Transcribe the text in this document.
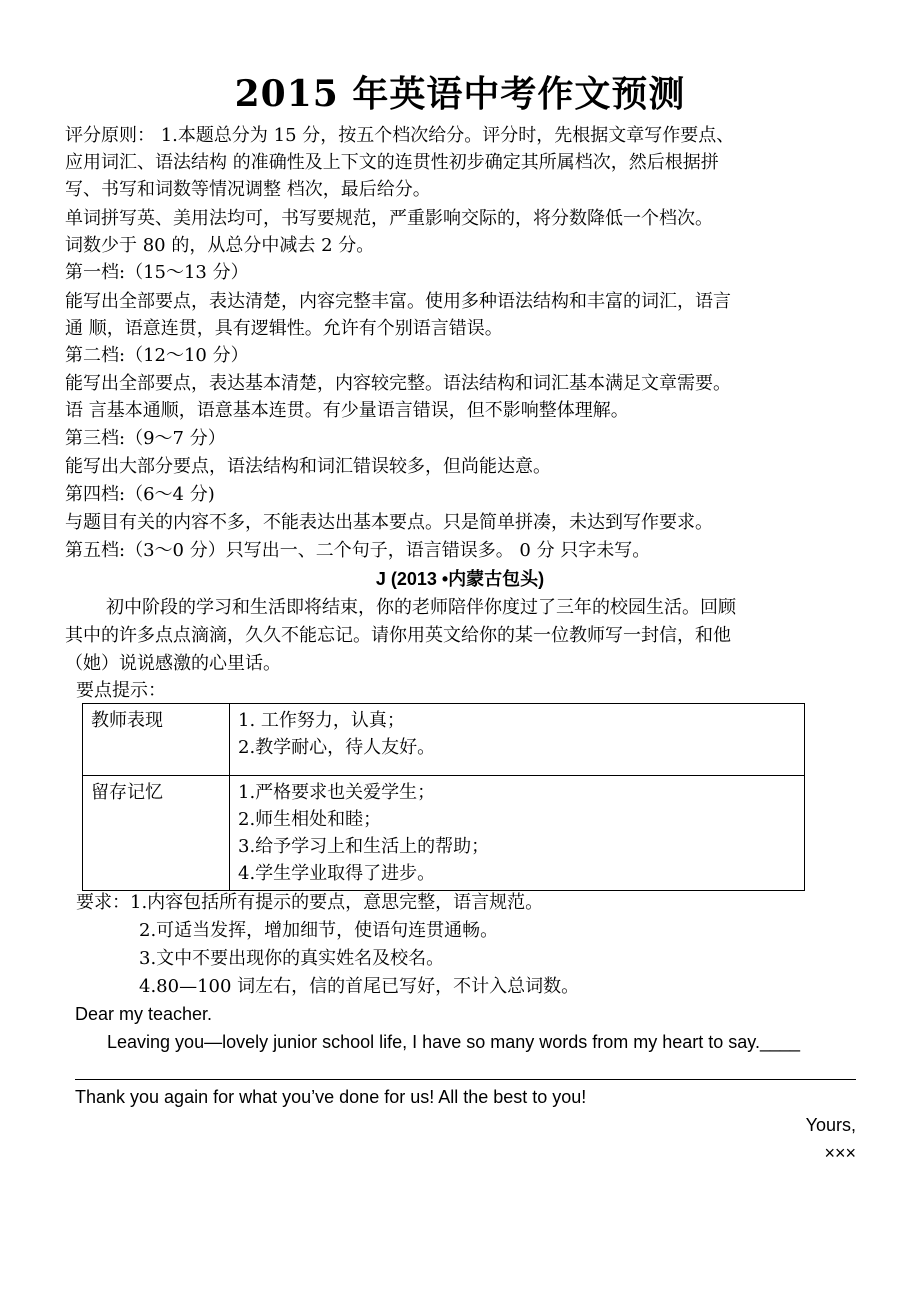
2015 年英语中考作文预测
评分原则： 1.本题总分为 15 分，按五个档次给分。评分时，先根据文章写作要点、
应用词汇、语法结构 的准确性及上下文的连贯性初步确定其所属档次，然后根据拼
写、书写和词数等情况调整 档次，最后给分。
单词拼写英、美用法均可，书写要规范，严重影响交际的，将分数降低一个档次。
词数少于 80 的，从总分中减去 2 分。
第一档:（15～13 分）
能写出全部要点，表达清楚，内容完整丰富。使用多种语法结构和丰富的词汇，语言
通 顺，语意连贯，具有逻辑性。允许有个别语言错误。
第二档:（12～10 分）
能写出全部要点，表达基本清楚，内容较完整。语法结构和词汇基本满足文章需要。
语 言基本通顺，语意基本连贯。有少量语言错误，但不影响整体理解。
第三档:（9～7 分）
能写出大部分要点，语法结构和词汇错误较多，但尚能达意。
第四档:（6～4 分)
与题目有关的内容不多，不能表达出基本要点。只是简单拼凑，未达到写作要求。
第五档:（3～0 分）只写出一、二个句子，语言错误多。 0 分 只字未写。
J (2013 •内蒙古包头)
初中阶段的学习和生活即将结束，你的老师陪伴你度过了三年的校园生活。回顾
其中的许多点点滴滴，久久不能忘记。请你用英文给你的某一位教师写一封信，和他
（她）说说感激的心里话。
要点提示：
教师表现	1. 工作努力，认真；
2.教学耐心，待人友好。

留存记忆	1.严格要求也关爱学生；
2.师生相处和睦；
3.给予学习上和生活上的帮助；
4.学生学业取得了进步。
要求：1.内容包括所有提示的要点，意思完整，语言规范。
2.可适当发挥，增加细节，使语句连贯通畅。
3.文中不要出现你的真实姓名及校名。
4.80—100 词左右，信的首尾已写好，不计入总词数。
Dear my teacher.
Leaving you—lovely junior school life, I have so many words from my heart to say.____
Thank you again for what you’ve done for us! All the best to you!
Yours,
×××
